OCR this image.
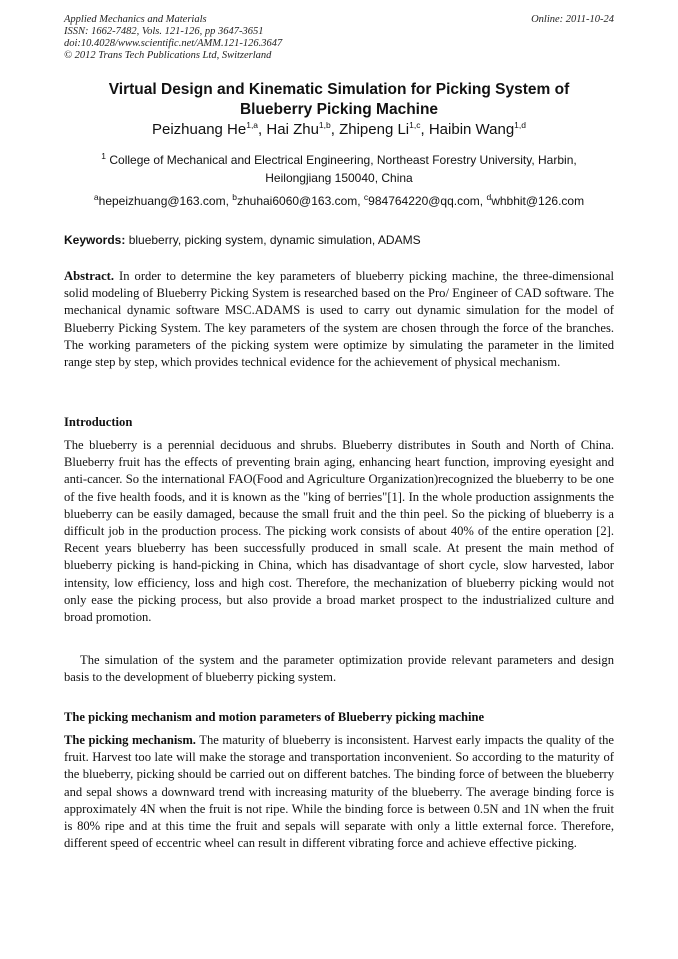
Applied Mechanics and Materials
ISSN: 1662-7482, Vols. 121-126, pp 3647-3651
doi:10.4028/www.scientific.net/AMM.121-126.3647
© 2012 Trans Tech Publications Ltd, Switzerland
Online: 2011-10-24
Virtual Design and Kinematic Simulation for Picking System of
Blueberry Picking Machine
Peizhuang He$^{1,a}$, Hai Zhu$^{1,b}$, Zhipeng Li$^{1,c}$, Haibin Wang$^{1,d}$
$^1$ College of Mechanical and Electrical Engineering, Northeast Forestry University, Harbin,
Heilongjiang 150040, China
$^a$hepeizhuang@163.com, $^b$zhuhai6060@163.com, $^c$984764220@qq.com, $^d$whbhit@126.com
Keywords: blueberry, picking system, dynamic simulation, ADAMS
Abstract. In order to determine the key parameters of blueberry picking machine, the three-dimensional solid modeling of Blueberry Picking System is researched based on the Pro/ Engineer of CAD software. The mechanical dynamic software MSC.ADAMS is used to carry out dynamic simulation for the model of Blueberry Picking System. The key parameters of the system are chosen through the force of the branches. The working parameters of the picking system were optimize by simulating the parameter in the limited range step by step, which provides technical evidence for the achievement of physical mechanism.
Introduction
The blueberry is a perennial deciduous and shrubs. Blueberry distributes in South and North of China. Blueberry fruit has the effects of preventing brain aging, enhancing heart function, improving eyesight and anti-cancer. So the international FAO(Food and Agriculture Organization)recognized the blueberry to be one of the five health foods, and it is known as the "king of berries"[1]. In the whole production assignments the blueberry can be easily damaged, because the small fruit and the thin peel. So the picking of blueberry is a difficult job in the production process. The picking work consists of about 40% of the entire operation [2]. Recent years blueberry has been successfully produced in small scale. At present the main method of blueberry picking is hand-picking in China, which has disadvantage of short cycle, slow harvested, labor intensity, low efficiency, loss and high cost. Therefore, the mechanization of blueberry picking would not only ease the picking process, but also provide a broad market prospect to the industrialized culture and broad promotion.
The simulation of the system and the parameter optimization provide relevant parameters and design basis to the development of blueberry picking system.
The picking mechanism and motion parameters of Blueberry picking machine
The picking mechanism. The maturity of blueberry is inconsistent. Harvest early impacts the quality of the fruit. Harvest too late will make the storage and transportation inconvenient. So according to the maturity of the blueberry, picking should be carried out on different batches. The binding force of between the blueberry and sepal shows a downward trend with increasing maturity of the blueberry. The average binding force is approximately 4N when the fruit is not ripe. While the binding force is between 0.5N and 1N when the fruit is 80% ripe and at this time the fruit and sepals will separate with only a little external force. Therefore, different speed of eccentric wheel can result in different vibrating force and achieve effective picking.
